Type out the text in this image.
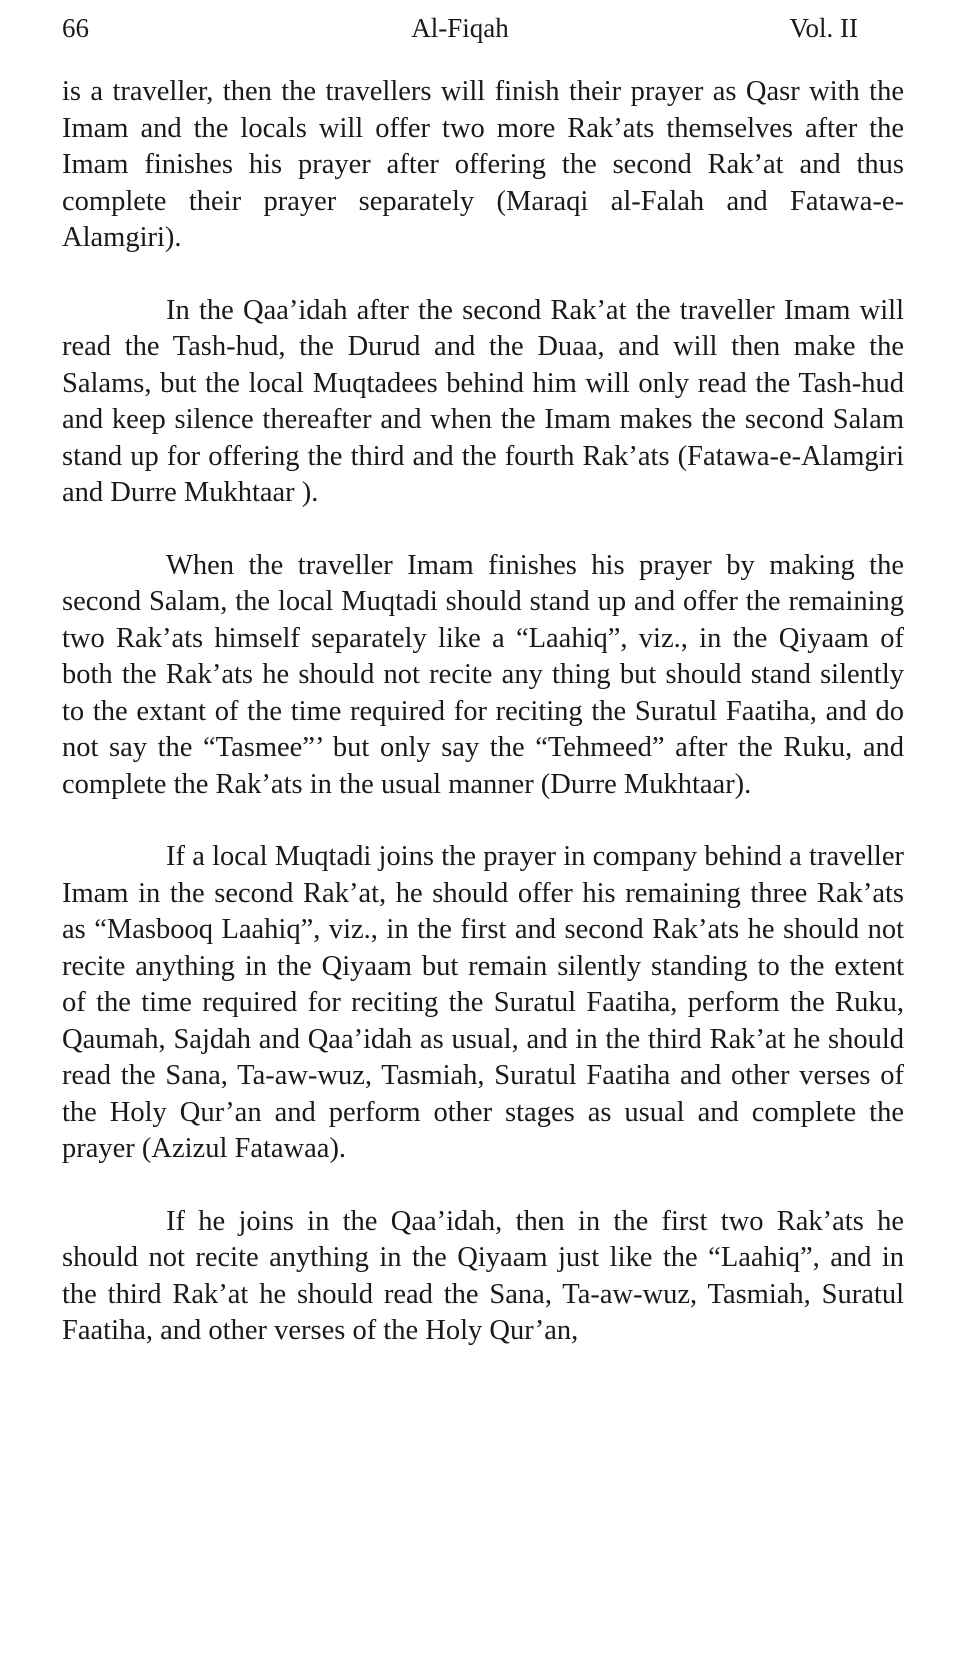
66	Al-Fiqah	Vol. II

is a traveller, then the travellers will finish their prayer as Qasr with the Imam and the locals will offer two more Rak’ats themselves after the Imam finishes his prayer after offering the second Rak’at and thus complete their prayer separately (Maraqi al-Falah and Fatawa-e-Alamgiri).

In the Qaa’idah after the second Rak’at the traveller Imam will read the Tash-hud, the Durud and the Duaa, and will then make the Salams, but the local Muqtadees behind him will only read the Tash-hud and keep silence thereafter and when the Imam makes the second Salam stand up for offering the third and the fourth Rak’ats (Fatawa-e-Alamgiri and Durre Mukhtaar ).

When the traveller Imam finishes his prayer by making the second Salam, the local Muqtadi should stand up and offer the remaining two Rak’ats himself separately like a “Laahiq”, viz., in the Qiyaam of both the Rak’ats he should not recite any thing but should stand silently to the extant of the time required for reciting the Suratul Faatiha, and do not say the “Tasmee”’ but only say the “Tehmeed” after the Ruku, and complete the Rak’ats in the usual manner (Durre Mukhtaar).

If a local Muqtadi joins the prayer in company behind a traveller Imam in the second Rak’at, he should offer his remaining three Rak’ats as “Masbooq Laahiq”, viz., in the first and second Rak’ats he should not recite anything in the Qiyaam but remain silently standing to the extent of the time required for reciting the Suratul Faatiha, perform the Ruku, Qaumah, Sajdah and Qaa’idah as usual, and in the third Rak’at he should read the Sana, Ta-aw-wuz, Tasmiah, Suratul Faatiha and other verses of the Holy Qur’an and perform other stages as usual and complete the prayer (Azizul Fatawaa).

If he joins in the Qaa’idah, then in the first two Rak’ats he should not recite anything in the Qiyaam just like the “Laahiq”, and in the third Rak’at he should read the Sana, Ta-aw-wuz, Tasmiah, Suratul Faatiha, and other verses of the Holy Qur’an,
